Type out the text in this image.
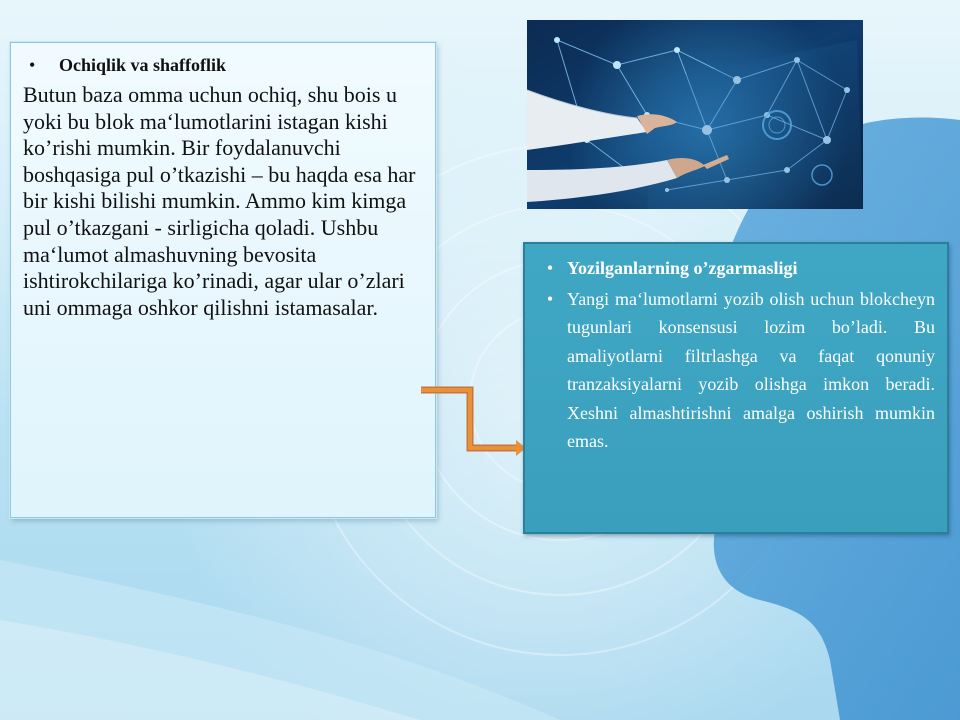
•	Ochiqlik va shaffoflik
Butun baza omma uchun ochiq, shu bois u yoki bu blok ma‘lumotlarini istagan kishi ko’rishi mumkin. Bir foydalanuvchi boshqasiga pul o’tkazishi – bu haqda esa har bir kishi bilishi mumkin. Ammo kim kimga pul o’tkazgani - sirligicha qoladi. Ushbu ma‘lumot almashuvning bevosita ishtirokchilariga ko’rinadi, agar ular o’zlari uni ommaga oshkor qilishni istamasalar.
• Yozilganlarning o’zgarmasligi
• Yangi ma‘lumotlarni yozib olish uchun blokcheyn tugunlari konsensusi lozim bo’ladi. Bu amaliyotlarni filtrlashga va faqat qonuniy tranzaksiyalarni yozib olishga imkon beradi. Xeshni almashtirishni amalga oshirish mumkin emas.
